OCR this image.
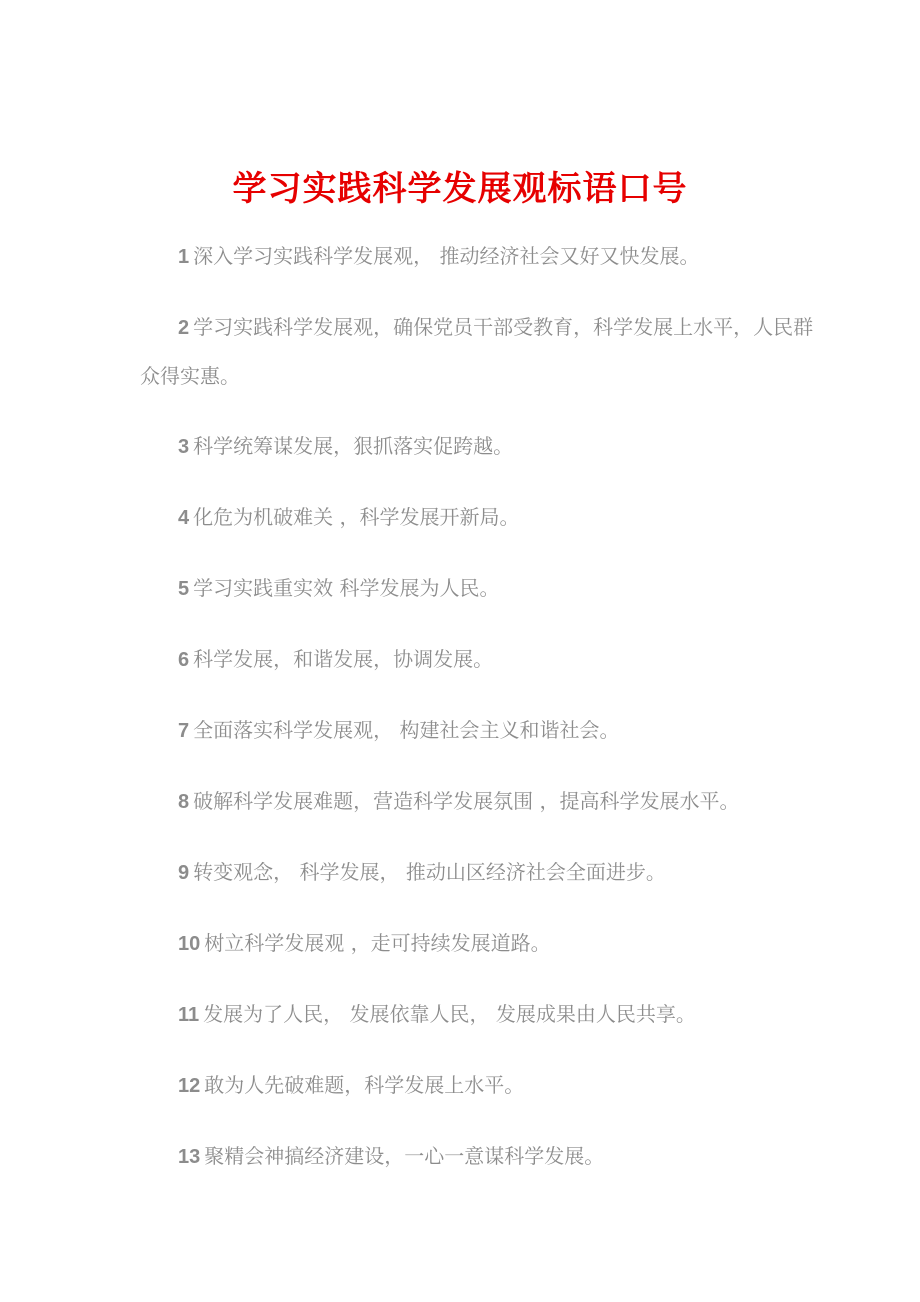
学习实践科学发展观标语口号
1 深入学习实践科学发展观， 推动经济社会又好又快发展。
2 学习实践科学发展观，确保党员干部受教育，科学发展上水平，人民群众得实惠。
3 科学统筹谋发展，狠抓落实促跨越。
4 化危为机破难关 ，科学发展开新局。
5 学习实践重实效 科学发展为人民。
6 科学发展，和谐发展，协调发展。
7 全面落实科学发展观， 构建社会主义和谐社会。
8 破解科学发展难题，营造科学发展氛围 ，提高科学发展水平。
9 转变观念， 科学发展， 推动山区经济社会全面进步。
10 树立科学发展观 ，走可持续发展道路。
11 发展为了人民， 发展依靠人民， 发展成果由人民共享。
12 敢为人先破难题，科学发展上水平。
13 聚精会神搞经济建设，一心一意谋科学发展。
